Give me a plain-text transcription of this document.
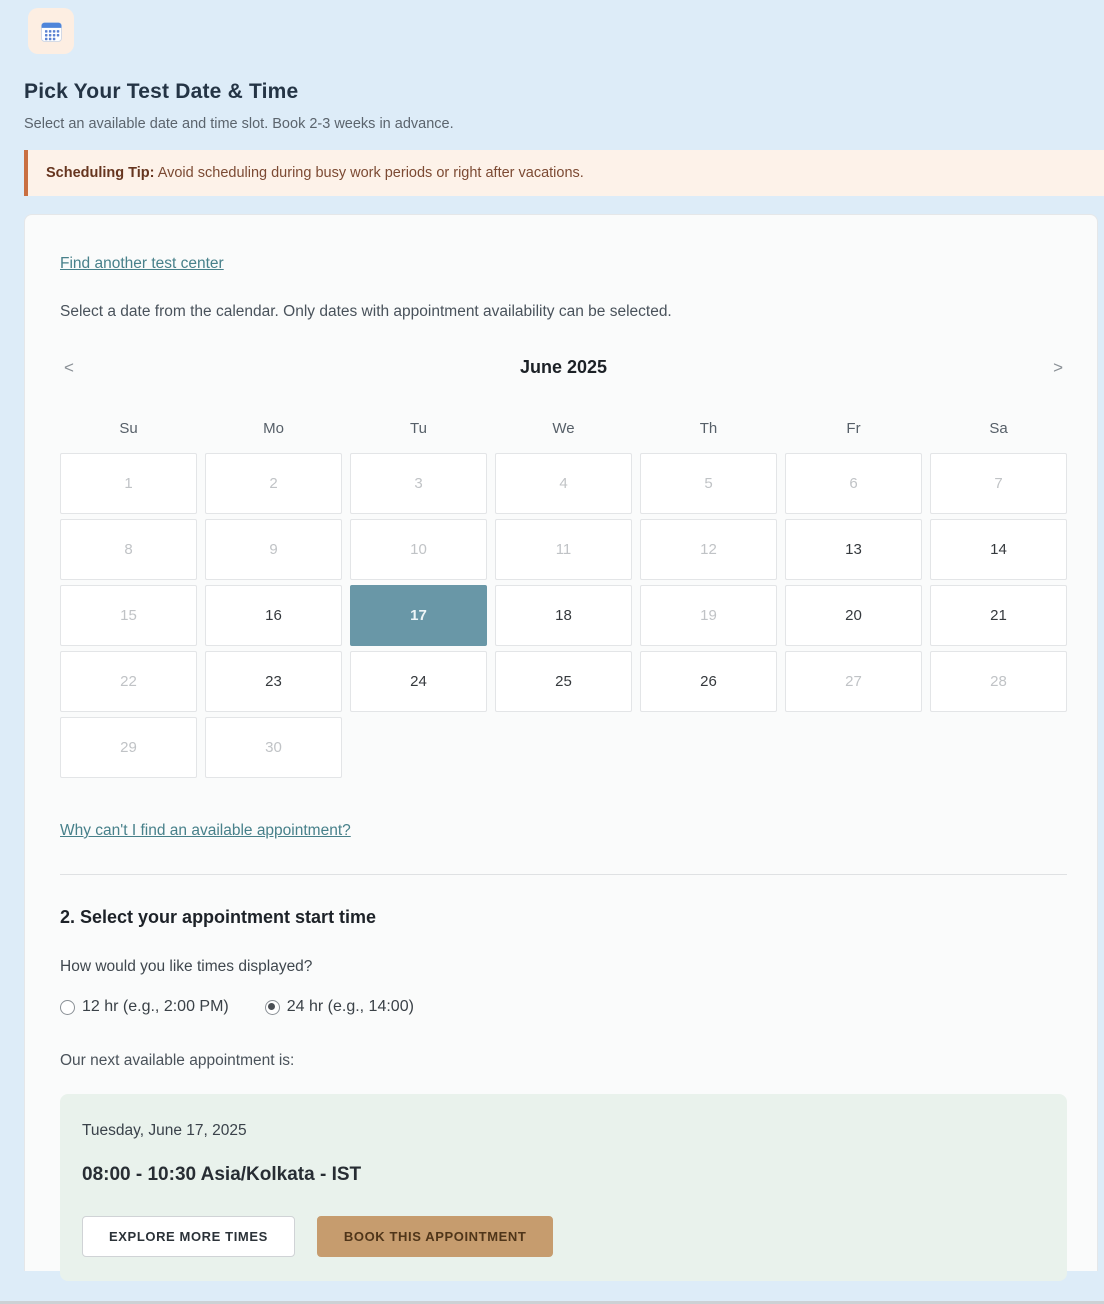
Pick Your Test Date & Time

Select an available date and time slot. Book 2-3 weeks in advance.

Scheduling Tip: Avoid scheduling during busy work periods or right after vacations.
Find another test center

Select a date from the calendar. Only dates with appointment availability can be selected.

<	June 2025	>
Su	Mo	Tu	We	Th	Fr	Sa
1	2	3	4	5	6	7
8	9	10	11	12	13	14
15	16	17	18	19	20	21
22	23	24	25	26	27	28
29	30
Why can't I find an available appointment?
2. Select your appointment start time

How would you like times displayed?

12 hr (e.g., 2:00 PM)	24 hr (e.g., 14:00)

Our next available appointment is:

Tuesday, June 17, 2025

08:00 - 10:30 Asia/Kolkata - IST

EXPLORE MORE TIMES	BOOK THIS APPOINTMENT
